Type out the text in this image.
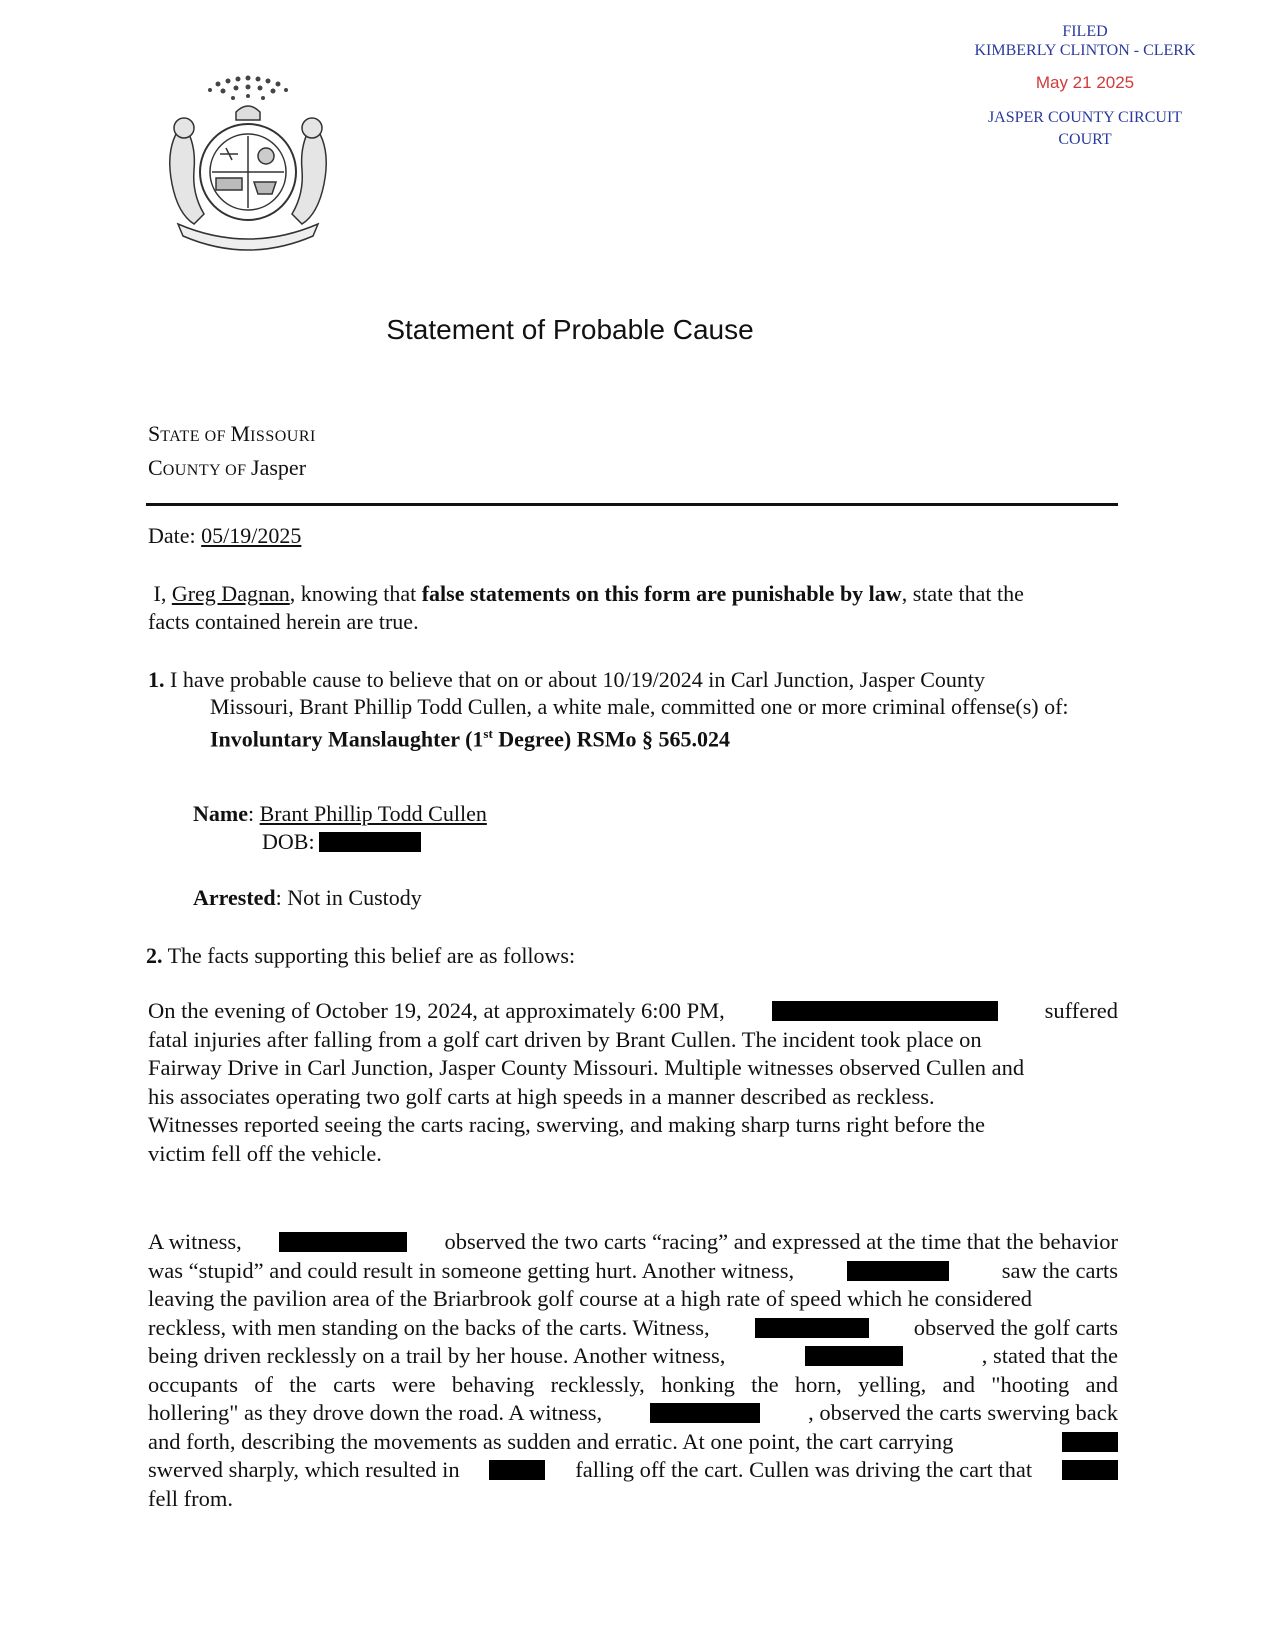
FILED
KIMBERLY CLINTON - CLERK
May 21 2025
JASPER COUNTY CIRCUIT COURT
Statement of Probable Cause
STATE OF MISSOURI
COUNTY OF Jasper
Date: 05/19/2025
I, Greg Dagnan, knowing that false statements on this form are punishable by law, state that the
facts contained herein are true.
1. I have probable cause to believe that on or about 10/19/2024 in Carl Junction, Jasper County
Missouri, Brant Phillip Todd Cullen, a white male, committed one or more criminal offense(s) of:
Involuntary Manslaughter (1st Degree) RSMo § 565.024
Name: Brant Phillip Todd Cullen
DOB:
Arrested: Not in Custody
2. The facts supporting this belief are as follows:
On the evening of October 19, 2024, at approximately 6:00 PM,	suffered
fatal injuries after falling from a golf cart driven by Brant Cullen. The incident took place on
Fairway Drive in Carl Junction, Jasper County Missouri. Multiple witnesses observed Cullen and
his associates operating two golf carts at high speeds in a manner described as reckless.
Witnesses reported seeing the carts racing, swerving, and making sharp turns right before the
victim fell off the vehicle.
A witness,	observed the two carts “racing” and expressed at the time that the behavior
was “stupid” and could result in someone getting hurt. Another witness,	saw the carts
leaving the pavilion area of the Briarbrook golf course at a high rate of speed which he considered
reckless, with men standing on the backs of the carts. Witness,	observed the golf carts
being driven recklessly on a trail by her house. Another witness,	, stated that the
occupants of the carts were behaving recklessly, honking the horn, yelling, and "hooting and
hollering" as they drove down the road. A witness,	, observed the carts swerving back
and forth, describing the movements as sudden and erratic. At one point, the cart carrying
swerved sharply, which resulted in	falling off the cart. Cullen was driving the cart that
fell from.
